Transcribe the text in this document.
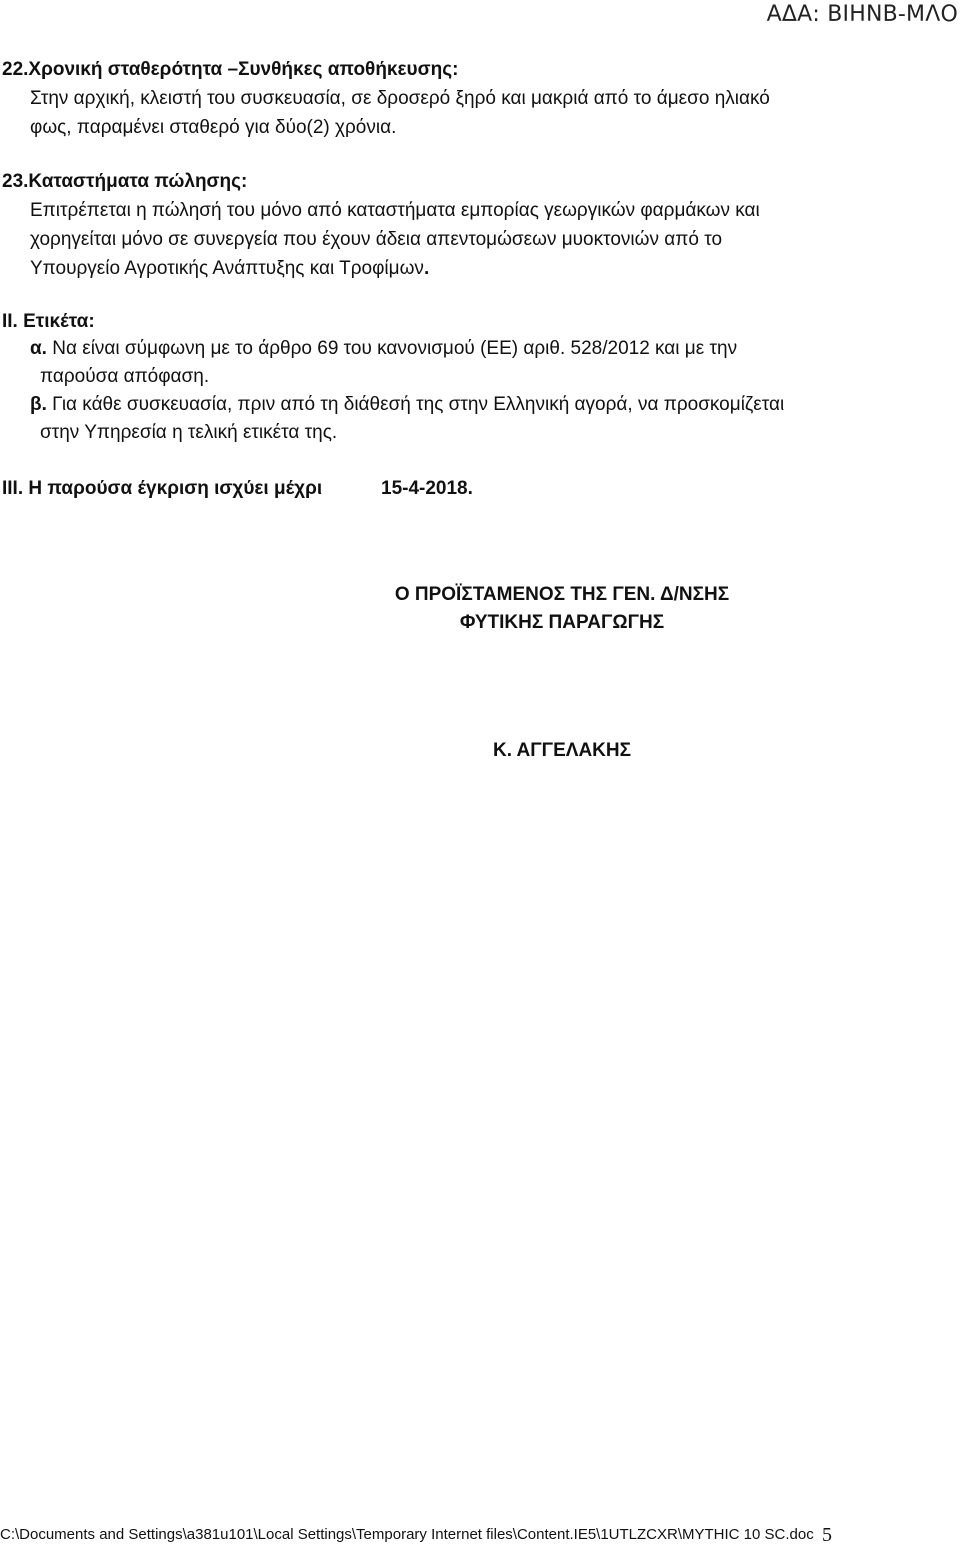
ΑΔΑ: ΒΙΗΝΒ-ΜΛΟ
22.Χρονική σταθερότητα –Συνθήκες αποθήκευσης:
Στην αρχική, κλειστή του συσκευασία, σε δροσερό ξηρό και μακριά από το άμεσο ηλιακό
φως, παραμένει σταθερό για δύο(2) χρόνια.
23.Καταστήματα πώλησης:
Επιτρέπεται η πώλησή του μόνο από καταστήματα εμπορίας γεωργικών φαρμάκων και
χορηγείται μόνο σε συνεργεία που έχουν άδεια απεντομώσεων μυοκτονιών από το
Υπουργείο Αγροτικής Ανάπτυξης και Τροφίμων.
ΙΙ. Ετικέτα:
α. Να είναι σύμφωνη με το άρθρο 69 του κανονισμού (ΕΕ) αριθ. 528/2012 και με την
παρούσα απόφαση.
β. Για κάθε συσκευασία, πριν από τη διάθεσή της στην Ελληνική αγορά, να προσκομίζεται
στην Υπηρεσία η τελική ετικέτα της.
ΙΙΙ. Η παρούσα έγκριση ισχύει μέχρι	15-4-2018.
Ο ΠΡΟΪΣΤΑΜΕΝΟΣ ΤΗΣ ΓΕΝ. Δ/ΝΣΗΣ
ΦΥΤΙΚΗΣ ΠΑΡΑΓΩΓΗΣ
Κ. ΑΓΓΕΛΑΚΗΣ
C:\Documents and Settings\a381u101\Local Settings\Temporary Internet files\Content.IE5\1UTLZCXR\MYTHIC 10 SC.doc 5
